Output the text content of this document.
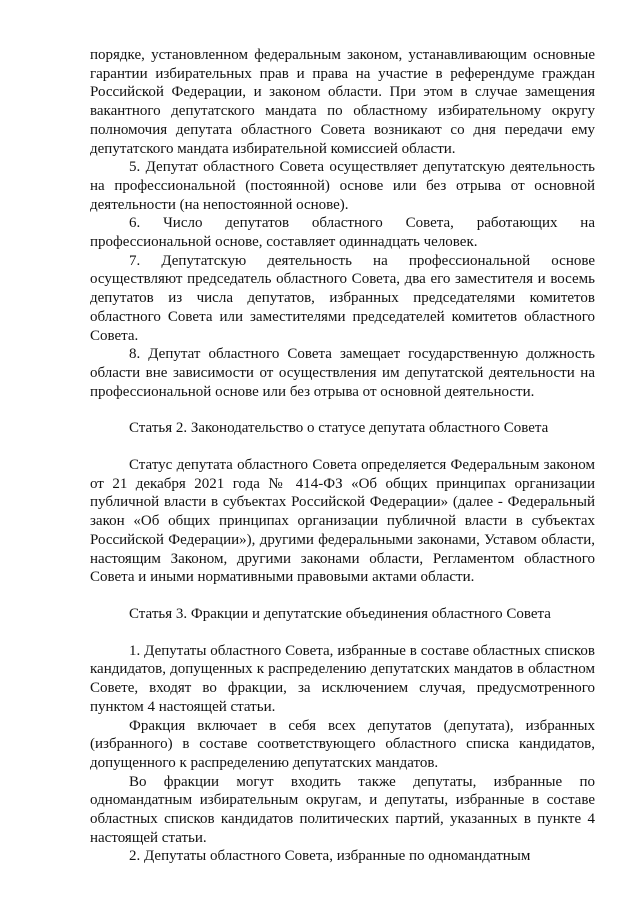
порядке, установленном федеральным законом, устанавливающим основные гарантии избирательных прав и права на участие в референдуме граждан Российской Федерации, и законом области. При этом в случае замещения вакантного депутатского мандата по областному избирательному округу полномочия депутата областного Совета возникают со дня передачи ему депутатского мандата избирательной комиссией области.

5. Депутат областного Совета осуществляет депутатскую деятельность на профессиональной (постоянной) основе или без отрыва от основной деятельности (на непостоянной основе).

6. Число депутатов областного Совета, работающих на профессиональной основе, составляет одиннадцать человек.

7. Депутатскую деятельность на профессиональной основе осуществляют председатель областного Совета, два его заместителя и восемь депутатов из числа депутатов, избранных председателями комитетов областного Совета или заместителями председателей комитетов областного Совета.

8. Депутат областного Совета замещает государственную должность области вне зависимости от осуществления им депутатской деятельности на профессиональной основе или без отрыва от основной деятельности.

Статья 2. Законодательство о статусе депутата областного Совета

Статус депутата областного Совета определяется Федеральным законом от 21 декабря 2021 года № 414-ФЗ «Об общих принципах организации публичной власти в субъектах Российской Федерации» (далее - Федеральный закон «Об общих принципах организации публичной власти в субъектах Российской Федерации»), другими федеральными законами, Уставом области, настоящим Законом, другими законами области, Регламентом областного Совета и иными нормативными правовыми актами области.

Статья 3. Фракции и депутатские объединения областного Совета

1. Депутаты областного Совета, избранные в составе областных списков кандидатов, допущенных к распределению депутатских мандатов в областном Совете, входят во фракции, за исключением случая, предусмотренного пунктом 4 настоящей статьи.

Фракция включает в себя всех депутатов (депутата), избранных (избранного) в составе соответствующего областного списка кандидатов, допущенного к распределению депутатских мандатов.

Во фракции могут входить также депутаты, избранные по одномандатным избирательным округам, и депутаты, избранные в составе областных списков кандидатов политических партий, указанных в пункте 4 настоящей статьи.

2. Депутаты областного Совета, избранные по одномандатным
